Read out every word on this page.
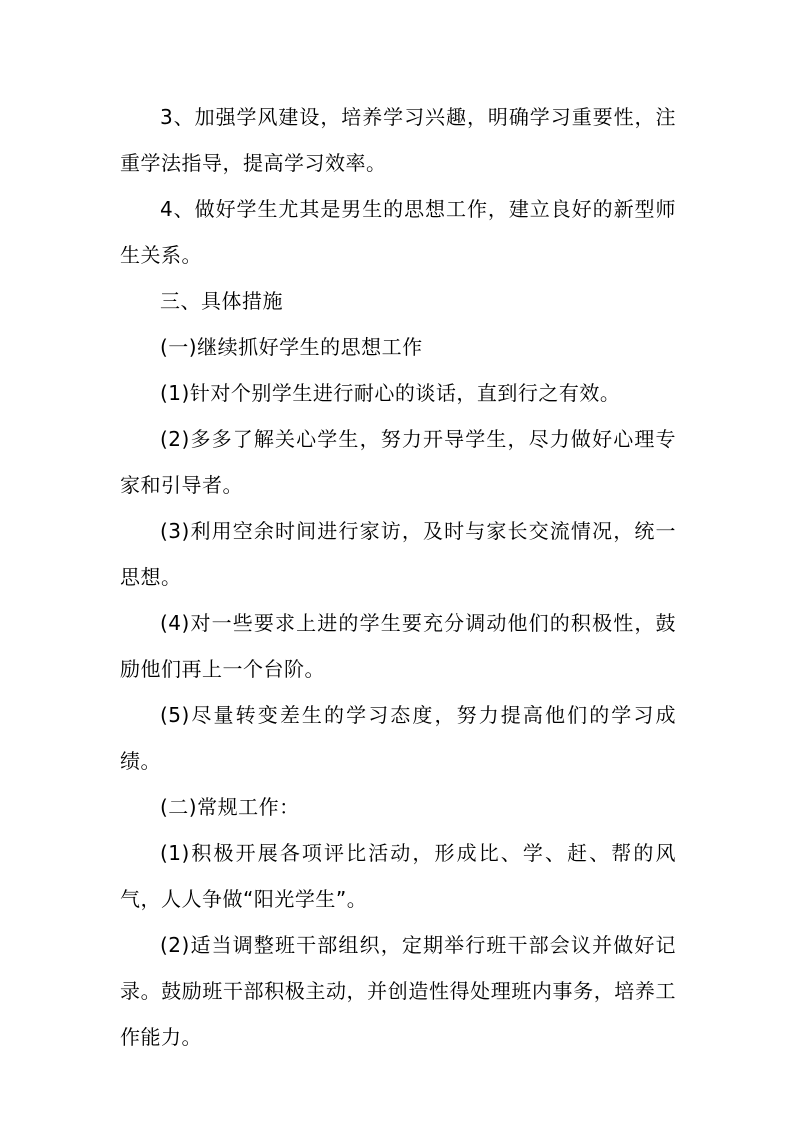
3、加强学风建设，培养学习兴趣，明确学习重要性，注重学法指导，提高学习效率。

4、做好学生尤其是男生的思想工作，建立良好的新型师生关系。

三、具体措施

(一)继续抓好学生的思想工作

(1)针对个别学生进行耐心的谈话，直到行之有效。

(2)多多了解关心学生，努力开导学生，尽力做好心理专家和引导者。

(3)利用空余时间进行家访，及时与家长交流情况，统一思想。

(4)对一些要求上进的学生要充分调动他们的积极性，鼓励他们再上一个台阶。

(5)尽量转变差生的学习态度，努力提高他们的学习成绩。

(二)常规工作：

(1)积极开展各项评比活动，形成比、学、赶、帮的风气，人人争做“阳光学生”。

(2)适当调整班干部组织，定期举行班干部会议并做好记录。鼓励班干部积极主动，并创造性得处理班内事务，培养工作能力。
